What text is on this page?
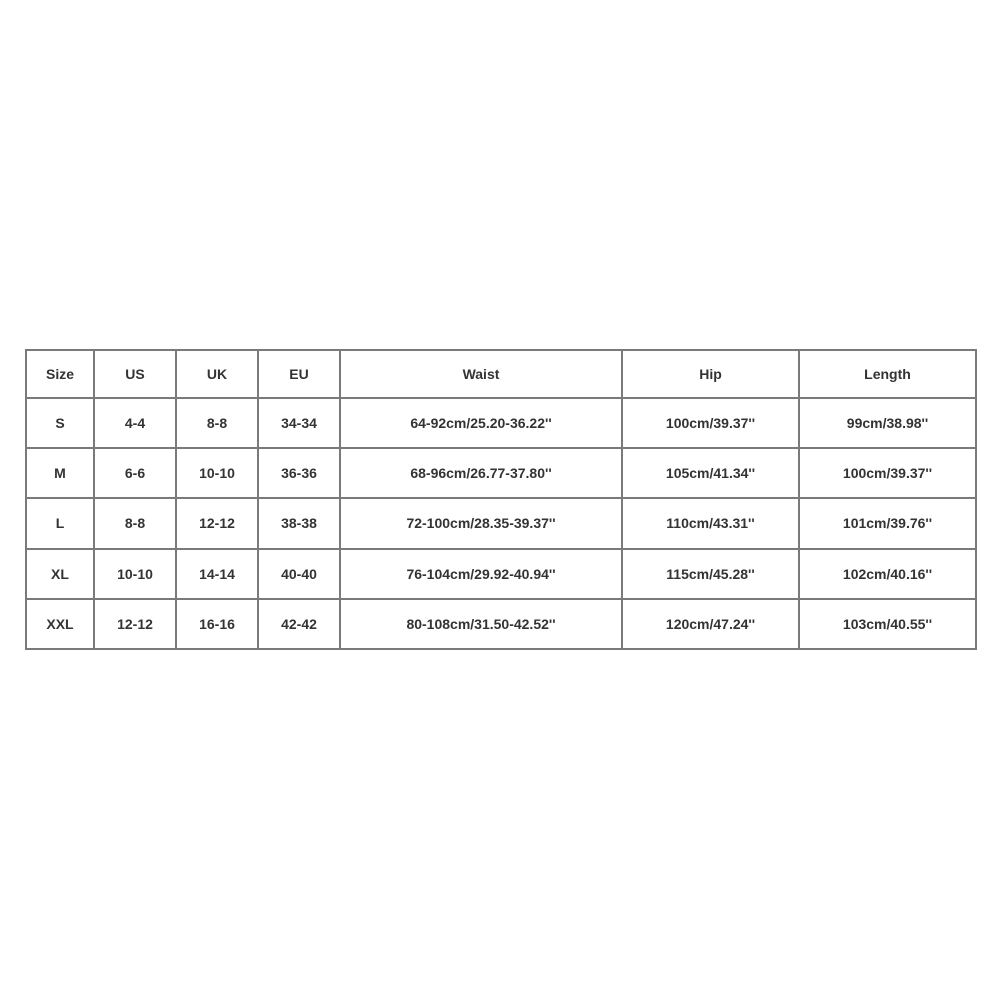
Size	US	UK	EU	Waist	Hip	Length
S	4-4	8-8	34-34	64-92cm/25.20-36.22''	100cm/39.37''	99cm/38.98''
M	6-6	10-10	36-36	68-96cm/26.77-37.80''	105cm/41.34''	100cm/39.37''
L	8-8	12-12	38-38	72-100cm/28.35-39.37''	110cm/43.31''	101cm/39.76''
XL	10-10	14-14	40-40	76-104cm/29.92-40.94''	115cm/45.28''	102cm/40.16''
XXL	12-12	16-16	42-42	80-108cm/31.50-42.52''	120cm/47.24''	103cm/40.55''
